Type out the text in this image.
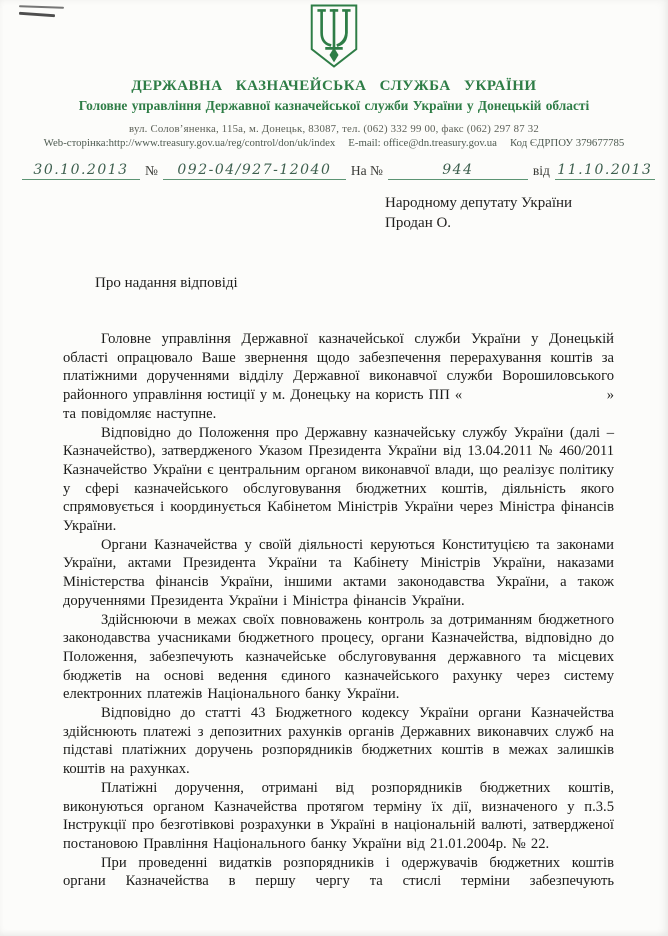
ДЕРЖАВНА КАЗНАЧЕЙСЬКА СЛУЖБА УКРАЇНИ
Головне управління Державної казначейської служби України у Донецькій області
вул. Солов’яненка, 115а, м. Донецьк, 83087, тел. (062) 332 99 00, факс (062) 297 87 32
Web-сторінка:http://www.treasury.gov.ua/reg/control/don/uk/index E-mail: office@dn.treasury.gov.ua Код ЄДРПОУ 379677785
30.10.2013	№	092-04/927-12040	На №	944	від 11.10.2013
Народному депутату України
Продан О.
Про надання відповіді

Головне управління Державної казначейської служби України у Донецькій області опрацювало Ваше звернення щодо забезпечення перерахування коштів за платіжними дорученнями відділу Державної виконавчої служби Ворошиловського районного управління юстиції у м. Донецьку на користь ПП «                            » та повідомляє наступне.

Відповідно до Положення про Державну казначейську службу України (далі – Казначейство), затвердженого Указом Президента України від 13.04.2011 № 460/2011 Казначейство України є центральним органом виконавчої влади, що реалізує політику у сфері казначейського обслуговування бюджетних коштів, діяльність якого спрямовується і координується Кабінетом Міністрів України через Міністра фінансів України.

Органи Казначейства у своїй діяльності керуються Конституцією та законами України, актами Президента України та Кабінету Міністрів України, наказами Міністерства фінансів України, іншими актами законодавства України, а також дорученнями Президента України і Міністра фінансів України.

Здійснюючи в межах своїх повноважень контроль за дотриманням бюджетного законодавства учасниками бюджетного процесу, органи Казначейства, відповідно до Положення, забезпечують казначейське обслуговування державного та місцевих бюджетів на основі ведення єдиного казначейського рахунку через систему електронних платежів Національного банку України.

Відповідно до статті 43 Бюджетного кодексу України органи Казначейства здійснюють платежі з депозитних рахунків органів Державних виконавчих служб на підставі платіжних доручень розпорядників бюджетних коштів в межах залишків коштів на рахунках.

Платіжні доручення, отримані від розпорядників бюджетних коштів, виконуються органом Казначейства протягом терміну їх дії, визначеного у п.3.5 Інструкції про безготівкові розрахунки в Україні в національній валюті, затвердженої постановою Правління Національного банку України від 21.01.2004р. № 22.

При проведенні видатків розпорядників і одержувачів бюджетних коштів органи Казначейства в першу чергу та стислі терміни забезпечують
